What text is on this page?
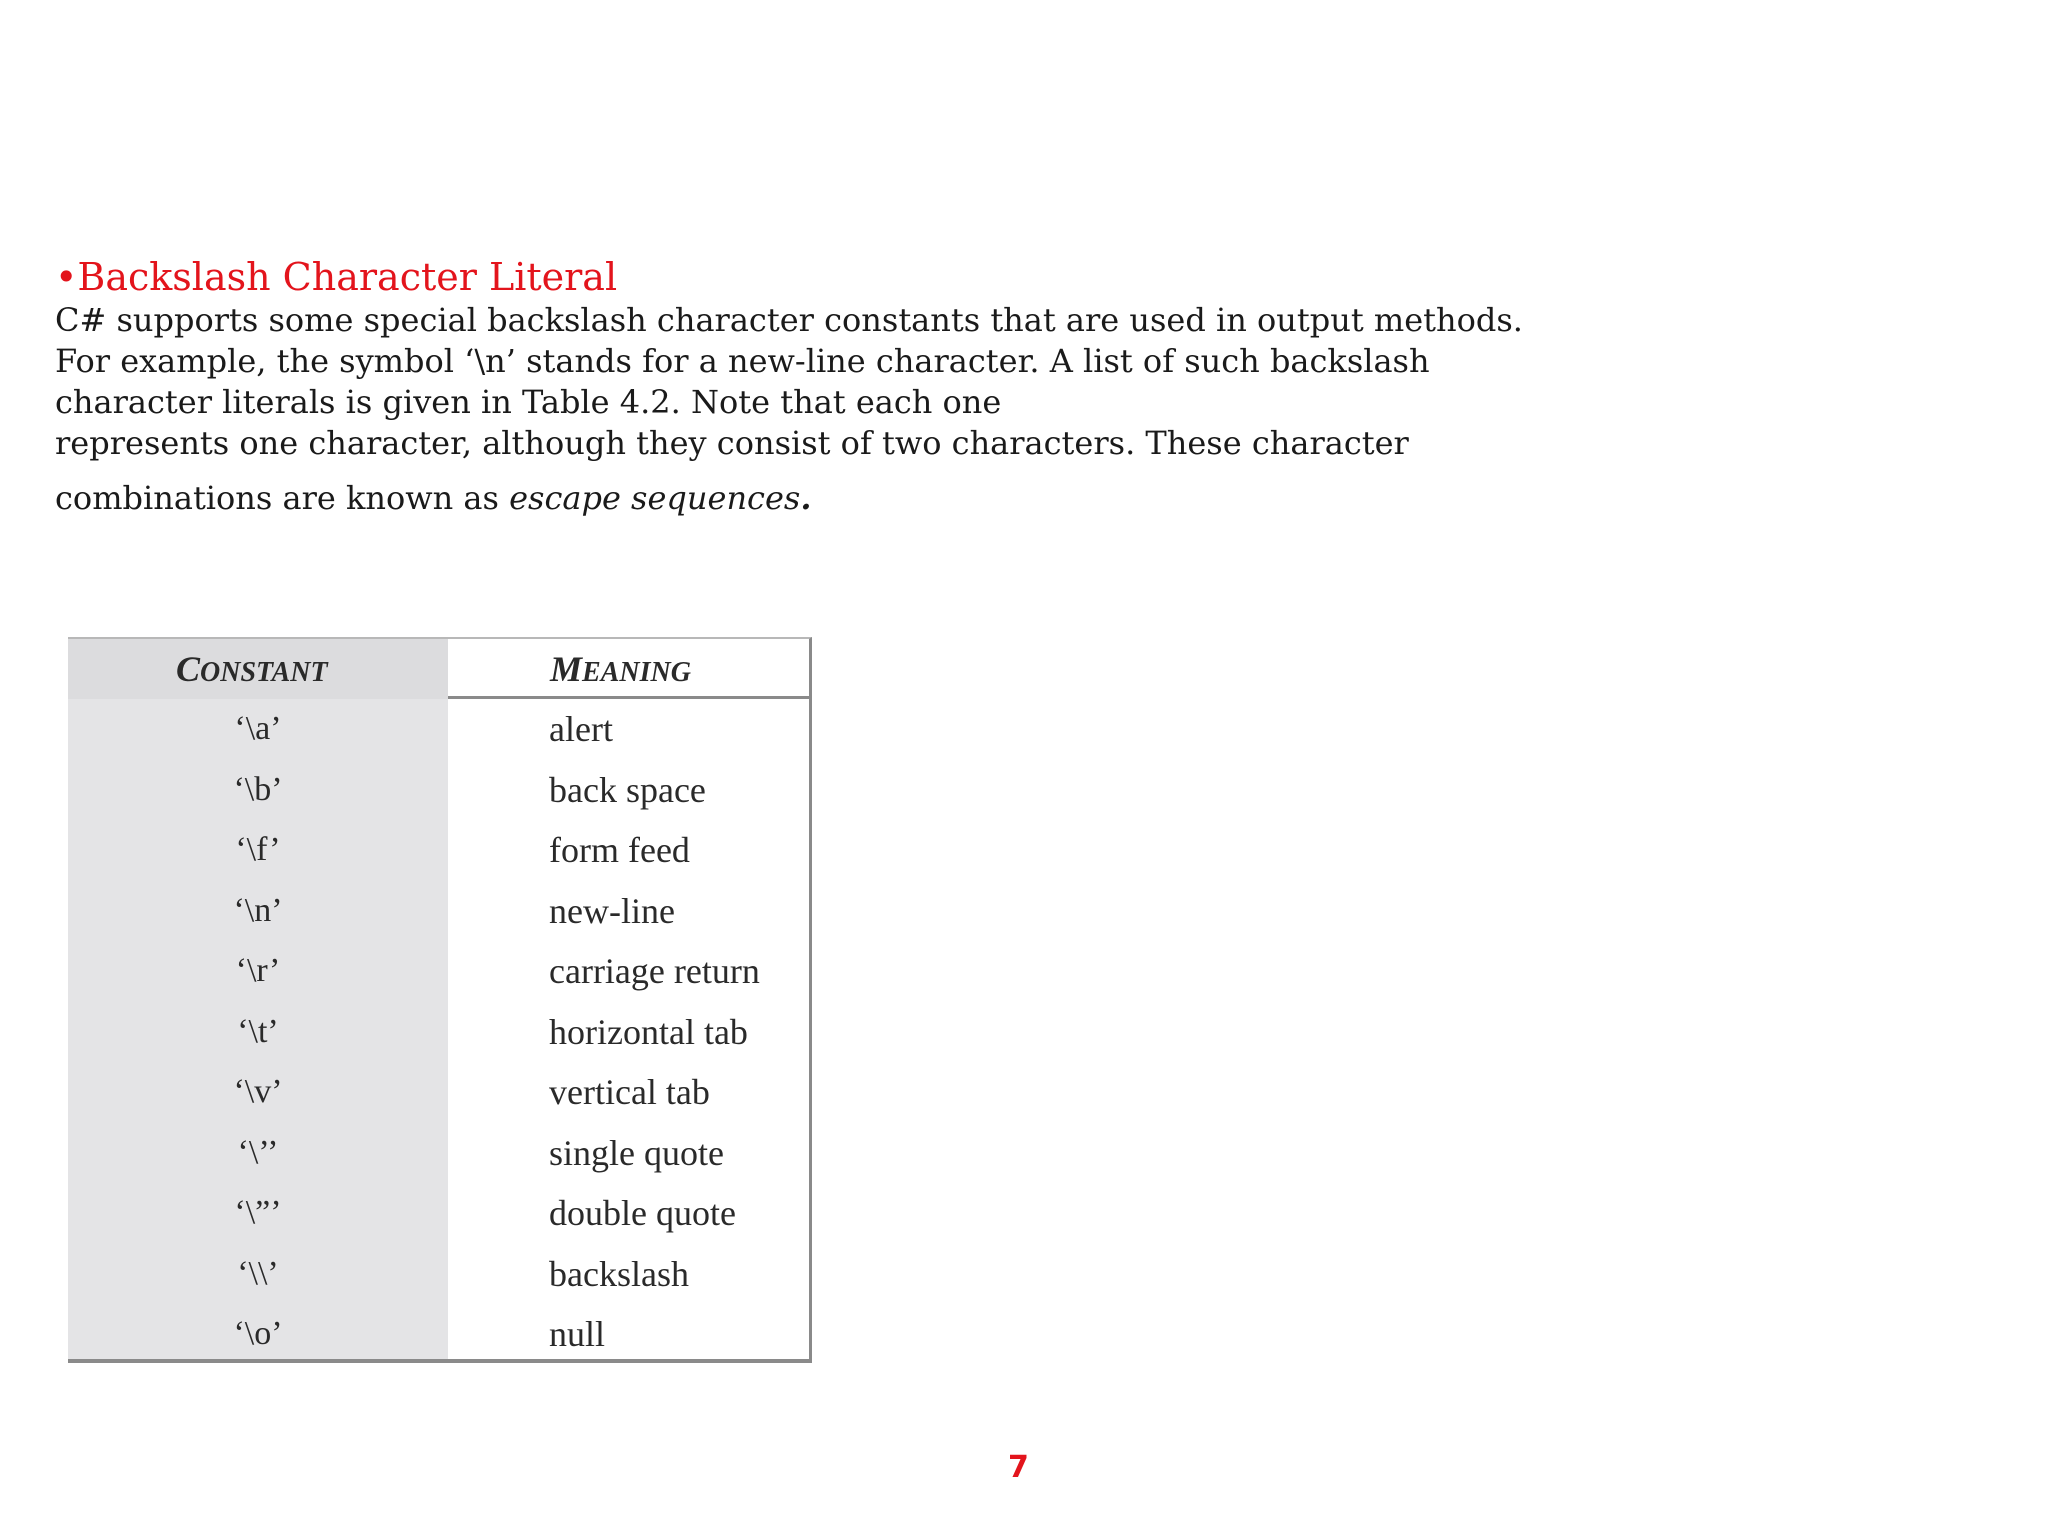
•Backslash Character Literal
C# supports some special backslash character constants that are used in output methods.
For example, the symbol ‘\n’ stands for a new-line character. A list of such backslash
character literals is given in Table 4.2. Note that each one
represents one character, although they consist of two characters. These character
combinations are known as escape sequences.
CONSTANT	MEANING
‘\a’	alert
‘\b’	back space
‘\f’	form feed
‘\n’	new-line
‘\r’	carriage return
‘\t’	horizontal tab
‘\v’	vertical tab
‘\’’	single quote
‘\”’	double quote
‘\\’	backslash
‘\o’	null
7
